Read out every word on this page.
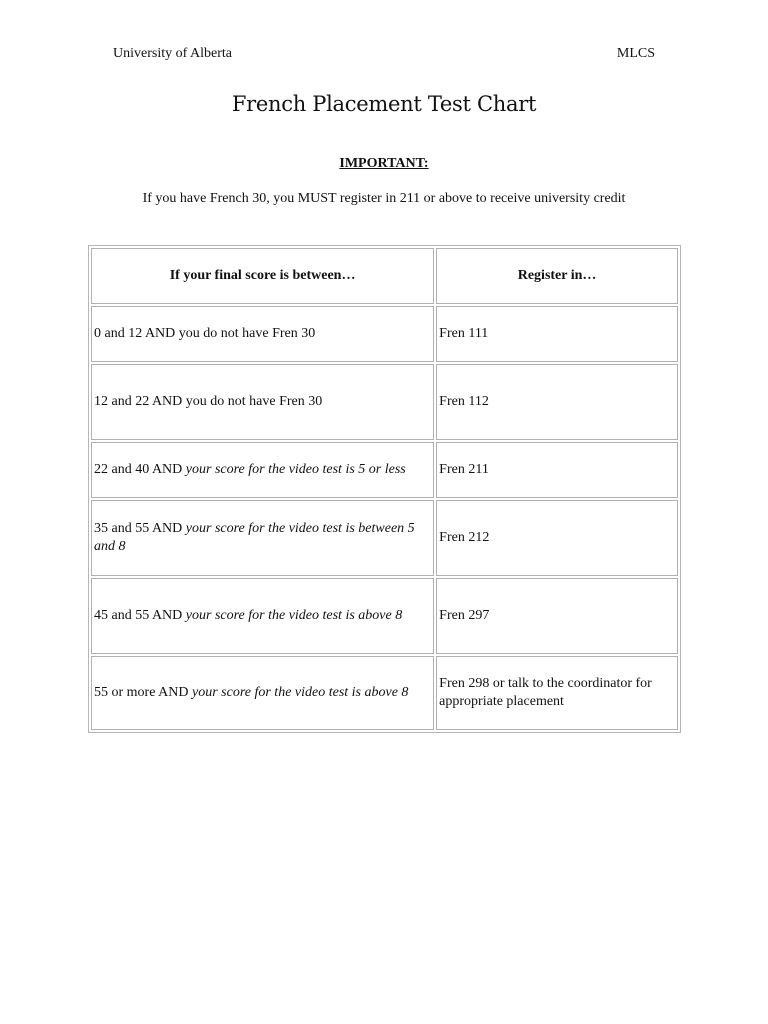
University of Alberta	MLCS
French Placement Test Chart
IMPORTANT:
If you have French 30, you MUST register in 211 or above to receive university credit
If your final score is between…	Register in…
0 and 12 AND you do not have Fren 30	Fren 111
12 and 22 AND you do not have Fren 30	Fren 112
22 and 40 AND your score for the video test is 5 or less	Fren 211
35 and 55 AND your score for the video test is between 5 and 8	Fren 212
45 and 55 AND your score for the video test is above 8	Fren 297
55 or more AND your score for the video test is above 8	Fren 298 or talk to the coordinator for appropriate placement
